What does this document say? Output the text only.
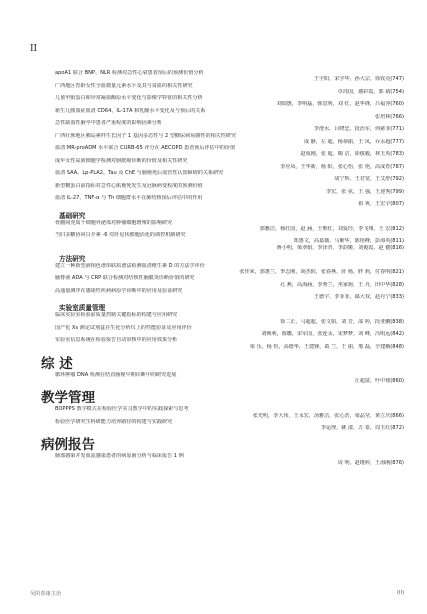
II
apoA1 联合 BNP、NLR 检测对急性心衰患者预后的预测价值分析
王宇阳，宋学华，孙大宗，徐钦亮(747)
广西地区育龄女性全血微量元素水平及其与贫血的相关性研究
卓玮国，谢彩霞，郭 婧(754)
儿童甲胎蛋白和异常凝血酶原水平变化与影像学特征的相关性分析
刘瑞惠，李明磊，韩思明，刘 红，赵华锋，吕福容(760)
新生儿脓血症血清 CD64、IL-17A 和乳酸水平变化及与预后的关系
张培林(766)
急性缺血性脑卒中患者严重程度的影响因素分析
李澄水，吕晓忠，段治军，何慈菲(771)
广西壮族地区胰岛素样生长因子 1 基因多态性与 2 型糖尿病易感性的相关性研究
成 静，左 超，杨恭丽，王 凤，乔永超(777)
血清 MR-proADM 水平联合 CURB-65 评分在 AECOPD 患者预后评估中的价值
赵成刚，张 超，陶 洁，徐俊毅，林玉英(783)
成年女性尿液细胞学检测对膀胱癌诊断的价值及相关性研究
李应凤，王华新，杨 阳，张心怡，张 艳，高成育(787)
血清 SAA、Lp-PLA2、Tau 及 ChE 与脑梗死后血管性认知障碍的关系研究
胡宁辉，王君宽，王艾舒(792)
新型糖蛋白前指标对急性心肌梗死发生及冠脉病变程度的预测价值
李宏，张 弦，王 强，王迎秀(799)
血清 IL-27、TNF-α 与 Th 细胞群水平在肺结核预后评估中的作用
祖 爽，王宏宇(807)
基础研究
骨髓间充质干细胞外泌体对肿瘤细胞增殖的影响研究
郭雅洁，杨红国，赵 涵，王唯红，刘爱玲，李飞翔，王 宏(812)
当归多糖协同白介素 -6 对肝星状细胞活化的调控机制研究
郑惠文，高嘉薇，马紫华，陈艳峰，彭海英(811)
蒋小明，梁翠娟，李泽青，李韵姬，刘俊霞，赵 健(816)
方法研究
建立一种新型液相色谱串联质谱法检测血清维生素 D 的方法学评价
张佳荣，郭惠兰，季志刚，胡杰阳，张春燕，肝 杨，胖 莉，付春明(821)
脑脊液 ADA 与 CRP 联合检测对结核性脑膜炎诊断价值的研究
孔 燕，高海涵，李秀兰，巫家驹，王 丹，田中华(828)
高通量测序在感染性疾病病原学诊断中的应用及验证研究
王德宇，李菲菲，鄢大双，赵丹宁(833)
实验室质量管理
临床实验室检验前质量控制关键指标的构建与应用研究
徐二正，马超超，张文娟，刘 芳，邵 婷，段亚鹏(838)
国产化 Xs 测定试剂盒在生化分析仪上的性能验证及应用评价
刘焕利，陈娜，宋军国，张连永，宋梦梦，刘 峰，冯明远(842)
实验室信息系统在检验报告自动审核中的应用效果分析
梁 乐，杨 恒，高德华，王建锋，葛 兰，王 丽，邢 磊，辛建娥(848)
综 述
循环肿瘤 DNA 检测在结直肠癌早期诊断中的研究进展
丘超富，叶中球(860)
教学管理
BOPPPS 教学模式在检验医学实习教学中的实践探索与思考
张光明，李大伟，王永宏，汤雅洁，张心浩，梁晶莹，黄立庆(866)
检验医学研究生科研能力培养路径的构建与实践研究
李运理，姚 漾，万 泰，周玉红(872)
病例报告
肺部感染并发血流感染患者的病原菌分析与临床报告 1 例
周 明，赵瑾婷，王海刚(876)
吴阶春康主治	(II)
